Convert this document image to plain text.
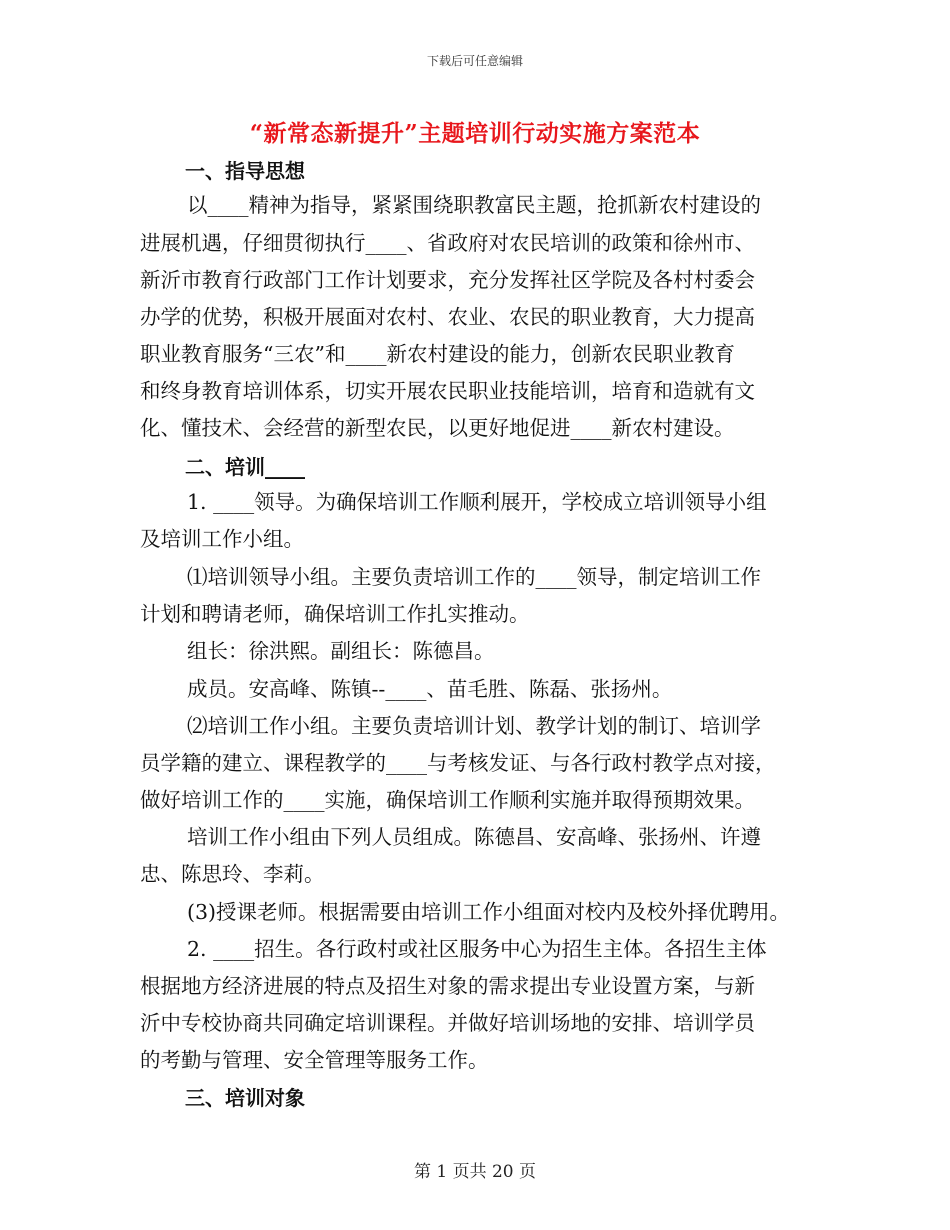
下载后可任意编辑
“新常态新提升”主题培训行动实施方案范本
一、指导思想
以____精神为指导，紧紧围绕职教富民主题，抢抓新农村建设的
进展机遇，仔细贯彻执行____、省政府对农民培训的政策和徐州市、
新沂市教育行政部门工作计划要求，充分发挥社区学院及各村村委会
办学的优势，积极开展面对农村、农业、农民的职业教育，大力提高
职业教育服务“三农”和____新农村建设的能力，创新农民职业教育
和终身教育培训体系，切实开展农民职业技能培训，培育和造就有文
化、懂技术、会经营的新型农民，以更好地促进____新农村建设。
二、培训____
1. ____领导。为确保培训工作顺利展开，学校成立培训领导小组
及培训工作小组。
⑴培训领导小组。主要负责培训工作的____领导，制定培训工作
计划和聘请老师，确保培训工作扎实推动。
组长：徐洪熙。副组长：陈德昌。
成员。安高峰、陈镇--____、苗毛胜、陈磊、张扬州。
⑵培训工作小组。主要负责培训计划、教学计划的制订、培训学
员学籍的建立、课程教学的____与考核发证、与各行政村教学点对接，
做好培训工作的____实施，确保培训工作顺利实施并取得预期效果。
培训工作小组由下列人员组成。陈德昌、安高峰、张扬州、许遵
忠、陈思玲、李莉。
(3)授课老师。根据需要由培训工作小组面对校内及校外择优聘用。
2. ____招生。各行政村或社区服务中心为招生主体。各招生主体
根据地方经济进展的特点及招生对象的需求提出专业设置方案，与新
沂中专校协商共同确定培训课程。并做好培训场地的安排、培训学员
的考勤与管理、安全管理等服务工作。
三、培训对象
第 1 页共 20 页
